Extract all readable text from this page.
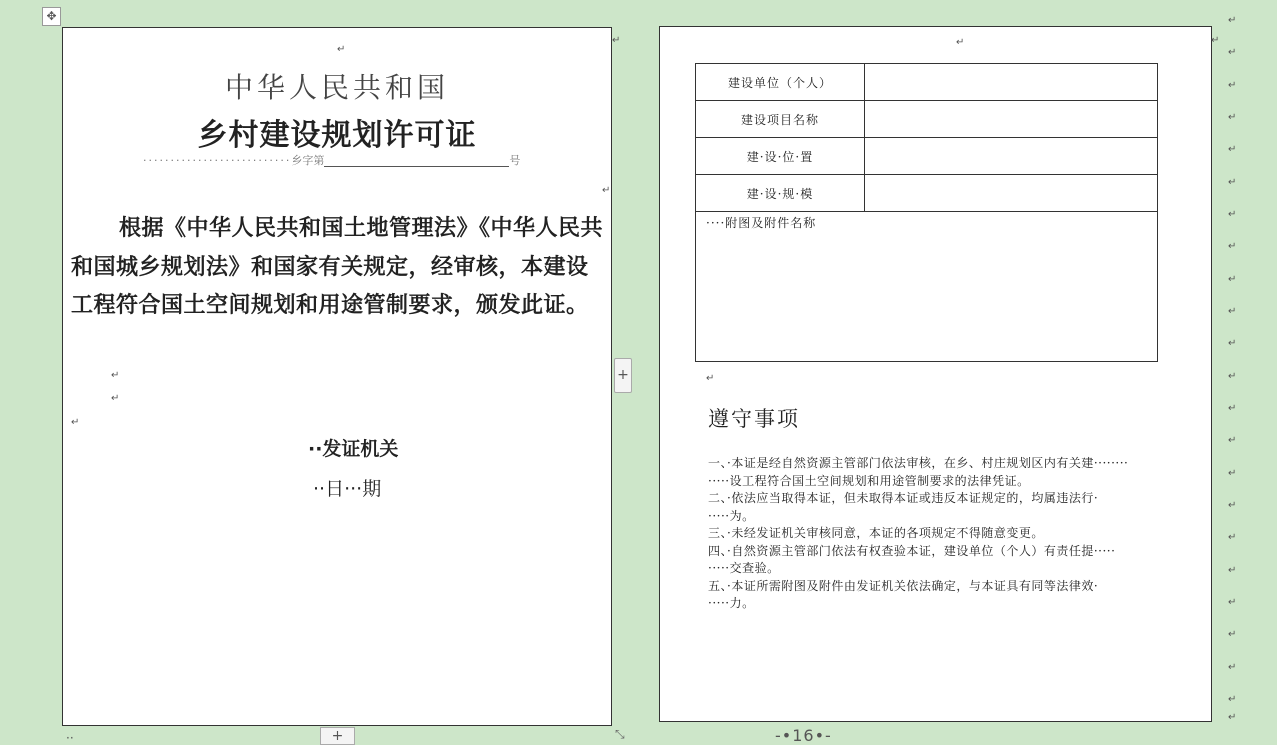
✥
↵
中华人民共和国
乡村建设规划许可证
···························乡字第	号
根据《中华人民共和国土地管理法》《中华人民共和国城乡规划法》和国家有关规定，经审核，本建设工程符合国土空间规划和用途管制要求，颁发此证。
↵
↵
↵
··发证机关
··日···期
↵
↵
+
+	⤡
··
↵
建设单位（个人）	
建设项目名称	
建·设·位·置	
建·设·规·模	
····附图及附件名称	
↵
遵守事项
一、·本证是经自然资源主管部门依法审核，在乡、村庄规划区内有关建········
·····设工程符合国土空间规划和用途管制要求的法律凭证。
二、·依法应当取得本证，但未取得本证或违反本证规定的，均属违法行·
·····为。
三、·未经发证机关审核同意，本证的各项规定不得随意变更。
四、·自然资源主管部门依法有权查验本证，建设单位（个人）有责任提·····
·····交查验。
五、·本证所需附图及附件由发证机关依法确定，与本证具有同等法律效·
·····力。
↵
↵
↵
↵
↵
↵
↵
↵
↵
↵
↵
↵
↵
↵
↵
↵
↵
↵
↵
↵
↵
↵
↵
↵
-•16•-
